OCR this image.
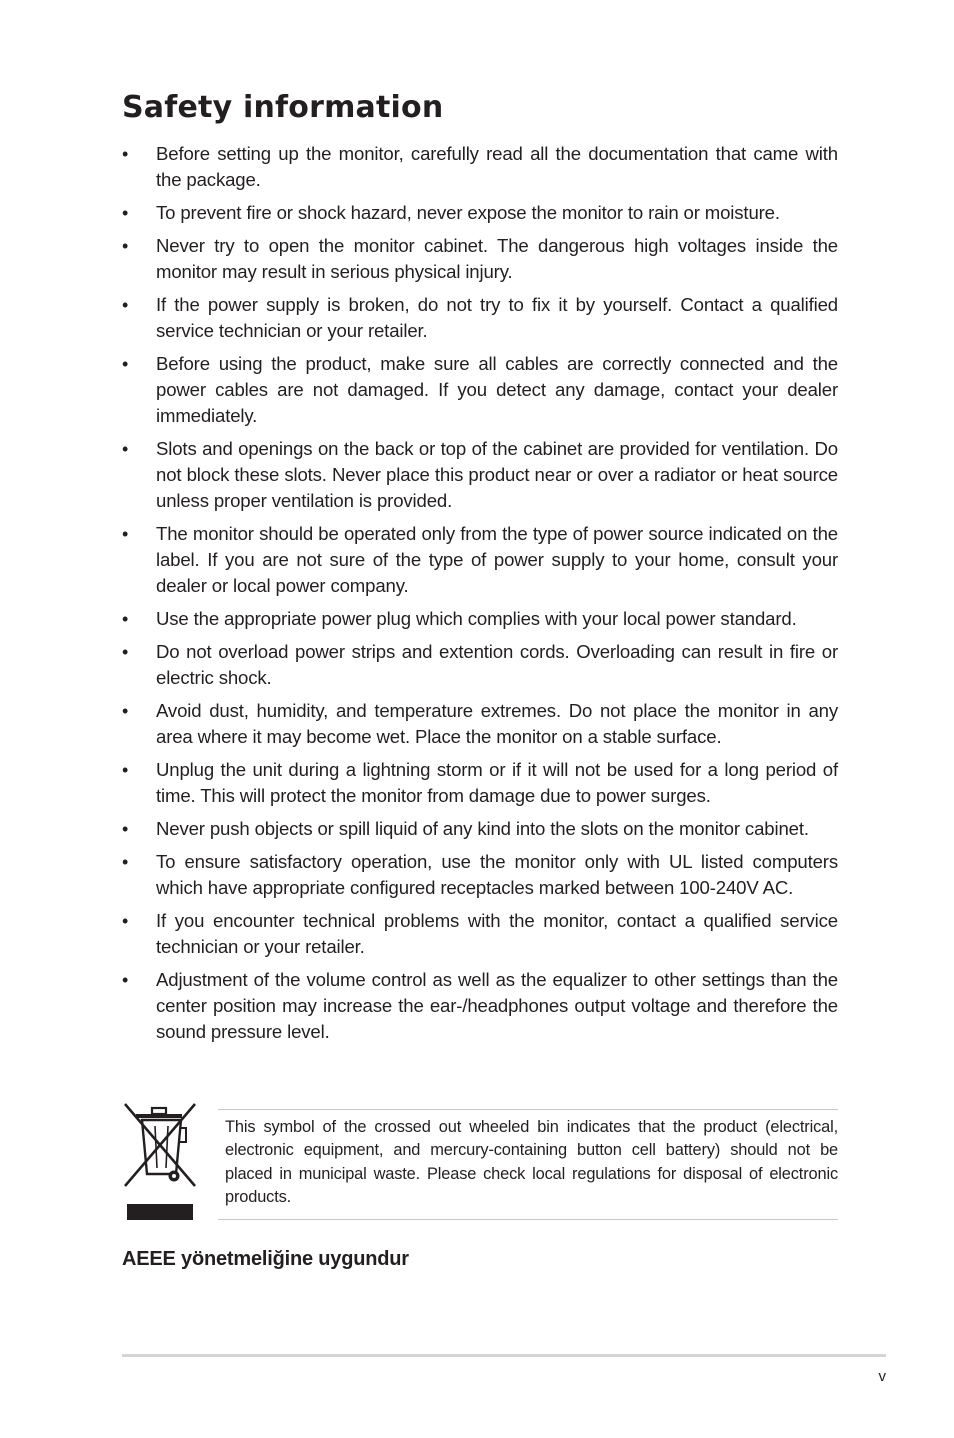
Safety information
•	Before setting up the monitor, carefully read all the documentation that came with the package.
•	To prevent fire or shock hazard, never expose the monitor to rain or moisture.
•	Never try to open the monitor cabinet. The dangerous high voltages inside the monitor may result in serious physical injury.
•	If the power supply is broken, do not try to fix it by yourself. Contact a qualified service technician or your retailer.
•	Before using the product, make sure all cables are correctly connected and the power cables are not damaged. If you detect any damage, contact your dealer immediately.
•	Slots and openings on the back or top of the cabinet are provided for ventilation. Do not block these slots. Never place this product near or over a radiator or heat source unless proper ventilation is provided.
•	The monitor should be operated only from the type of power source indicated on the label. If you are not sure of the type of power supply to your home, consult your dealer or local power company.
•	Use the appropriate power plug which complies with your local power standard.
•	Do not overload power strips and extention cords. Overloading can result in fire or electric shock.
•	Avoid dust, humidity, and temperature extremes. Do not place the monitor in any area where it may become wet. Place the monitor on a stable surface.
•	Unplug the unit during a lightning storm or if it will not be used for a long period of time. This will protect the monitor from damage due to power surges.
•	Never push objects or spill liquid of any kind into the slots on the monitor cabinet.
•	To ensure satisfactory operation, use the monitor only with UL listed computers which have appropriate configured receptacles marked between 100-240V AC.
•	If you encounter technical problems with the monitor, contact a qualified service technician or your retailer.
•	Adjustment of the volume control as well as the equalizer to other settings than the center position may increase the ear-/headphones output voltage and therefore the sound pressure level.

This symbol of the crossed out wheeled bin indicates that the product (electrical, electronic equipment, and mercury-containing button cell battery) should not be placed in municipal waste. Please check local regulations for disposal of electronic products.

AEEE yönetmeliğine uygundur
v
